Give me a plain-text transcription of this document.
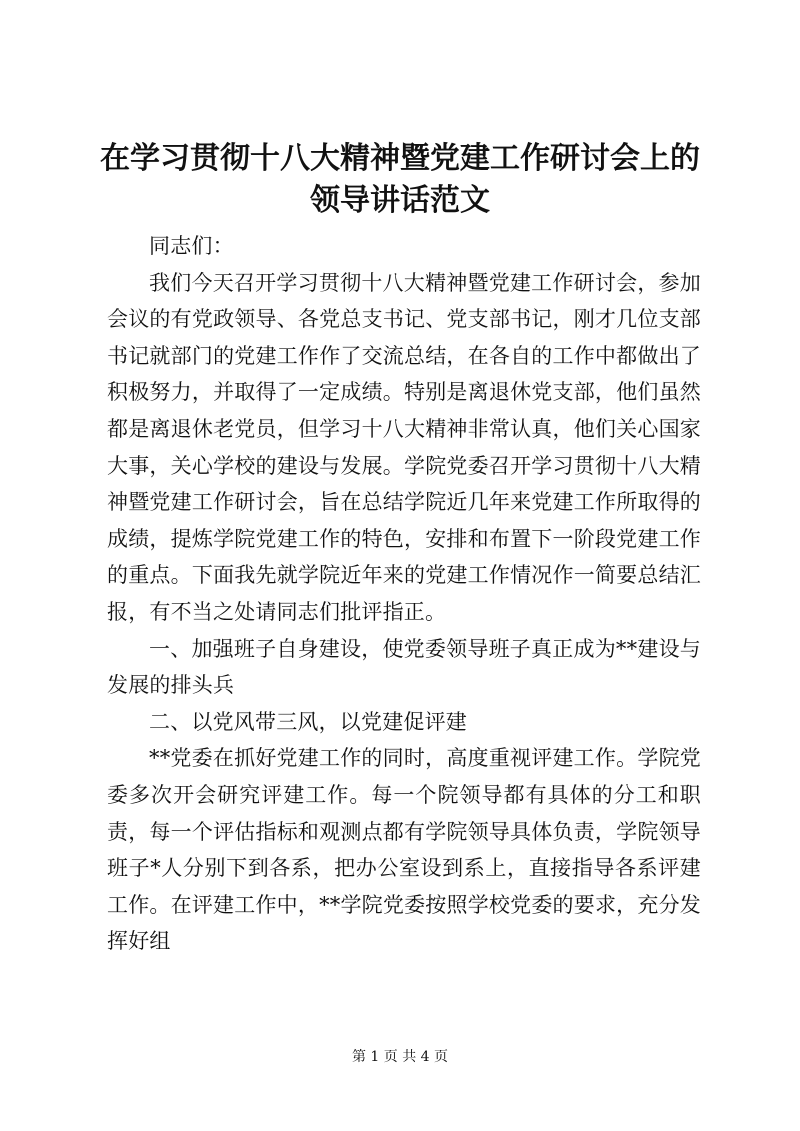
在学习贯彻十八大精神暨党建工作研讨会上的
领导讲话范文

同志们：

我们今天召开学习贯彻十八大精神暨党建工作研讨会，参加会议的有党政领导、各党总支书记、党支部书记，刚才几位支部书记就部门的党建工作作了交流总结，在各自的工作中都做出了积极努力，并取得了一定成绩。特别是离退休党支部，他们虽然都是离退休老党员，但学习十八大精神非常认真，他们关心国家大事，关心学校的建设与发展。学院党委召开学习贯彻十八大精神暨党建工作研讨会，旨在总结学院近几年来党建工作所取得的成绩，提炼学院党建工作的特色，安排和布置下一阶段党建工作的重点。下面我先就学院近年来的党建工作情况作一简要总结汇报，有不当之处请同志们批评指正。

一、加强班子自身建设，使党委领导班子真正成为**建设与发展的排头兵

二、以党风带三风，以党建促评建

**党委在抓好党建工作的同时，高度重视评建工作。学院党委多次开会研究评建工作。每一个院领导都有具体的分工和职责，每一个评估指标和观测点都有学院领导具体负责，学院领导班子*人分别下到各系，把办公室设到系上，直接指导各系评建工作。在评建工作中，**学院党委按照学校党委的要求，充分发挥好组

第 1 页 共 4 页
